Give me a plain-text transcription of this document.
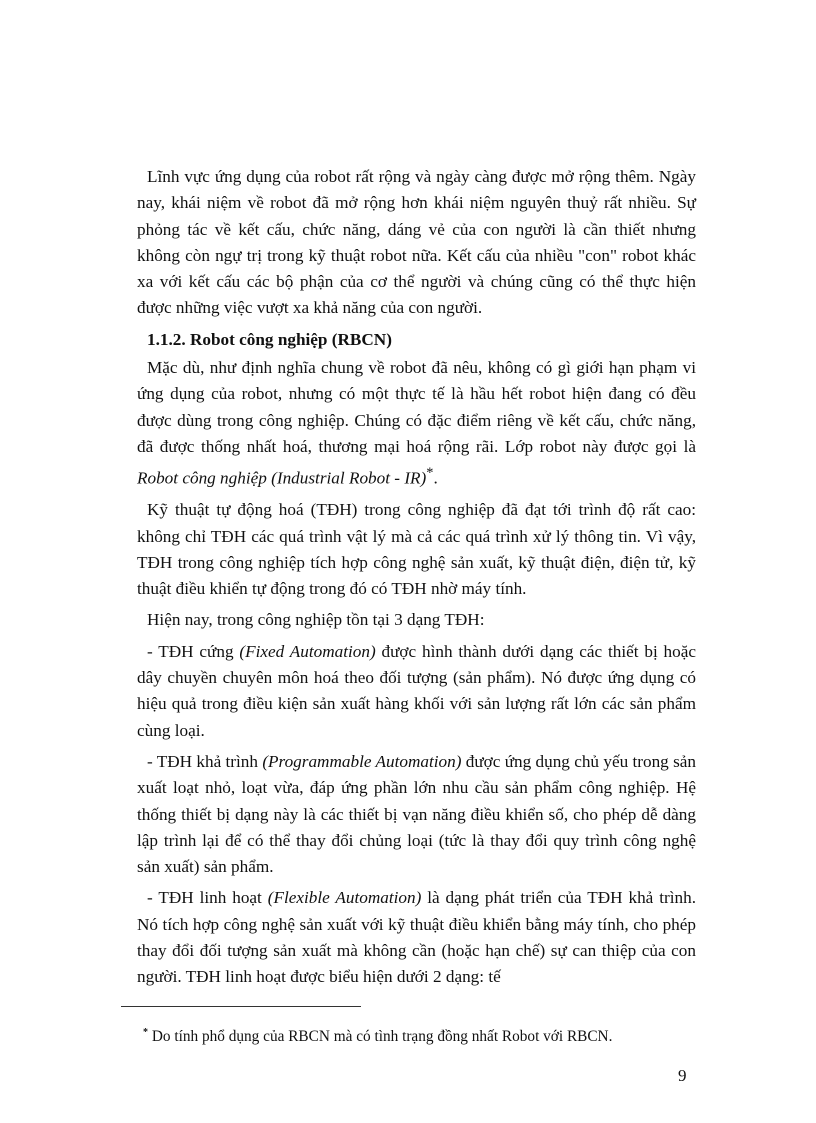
Lĩnh vực ứng dụng của robot rất rộng và ngày càng được mở rộng thêm. Ngày nay, khái niệm về robot đã mở rộng hơn khái niệm nguyên thuỷ rất nhiều. Sự phỏng tác về kết cấu, chức năng, dáng vẻ của con người là cần thiết nhưng không còn ngự trị trong kỹ thuật robot nữa. Kết cấu của nhiều "con" robot khác xa với kết cấu các bộ phận của cơ thể người và chúng cũng có thể thực hiện được những việc vượt xa khả năng của con người.

1.1.2. Robot công nghiệp (RBCN)

Mặc dù, như định nghĩa chung về robot đã nêu, không có gì giới hạn phạm vi ứng dụng của robot, nhưng có một thực tế là hầu hết robot hiện đang có đều được dùng trong công nghiệp. Chúng có đặc điểm riêng về kết cấu, chức năng, đã được thống nhất hoá, thương mại hoá rộng rãi. Lớp robot này được gọi là Robot công nghiệp (Industrial Robot - IR)*.

Kỹ thuật tự động hoá (TĐH) trong công nghiệp đã đạt tới trình độ rất cao: không chỉ TĐH các quá trình vật lý mà cả các quá trình xử lý thông tin. Vì vậy, TĐH trong công nghiệp tích hợp công nghệ sản xuất, kỹ thuật điện, điện tử, kỹ thuật điều khiển tự động trong đó có TĐH nhờ máy tính.

Hiện nay, trong công nghiệp tồn tại 3 dạng TĐH:

- TĐH cứng (Fixed Automation) được hình thành dưới dạng các thiết bị hoặc dây chuyền chuyên môn hoá theo đối tượng (sản phẩm). Nó được ứng dụng có hiệu quả trong điều kiện sản xuất hàng khối với sản lượng rất lớn các sản phẩm cùng loại.

- TĐH khả trình (Programmable Automation) được ứng dụng chủ yếu trong sản xuất loạt nhỏ, loạt vừa, đáp ứng phần lớn nhu cầu sản phẩm công nghiệp. Hệ thống thiết bị dạng này là các thiết bị vạn năng điều khiển số, cho phép dễ dàng lập trình lại để có thể thay đổi chủng loại (tức là thay đổi quy trình công nghệ sản xuất) sản phẩm.

- TĐH linh hoạt (Flexible Automation) là dạng phát triển của TĐH khả trình. Nó tích hợp công nghệ sản xuất với kỹ thuật điều khiển bằng máy tính, cho phép thay đổi đối tượng sản xuất mà không cần (hoặc hạn chế) sự can thiệp của con người. TĐH linh hoạt được biểu hiện dưới 2 dạng: tế

* Do tính phổ dụng của RBCN mà có tình trạng đồng nhất Robot với RBCN.
9
